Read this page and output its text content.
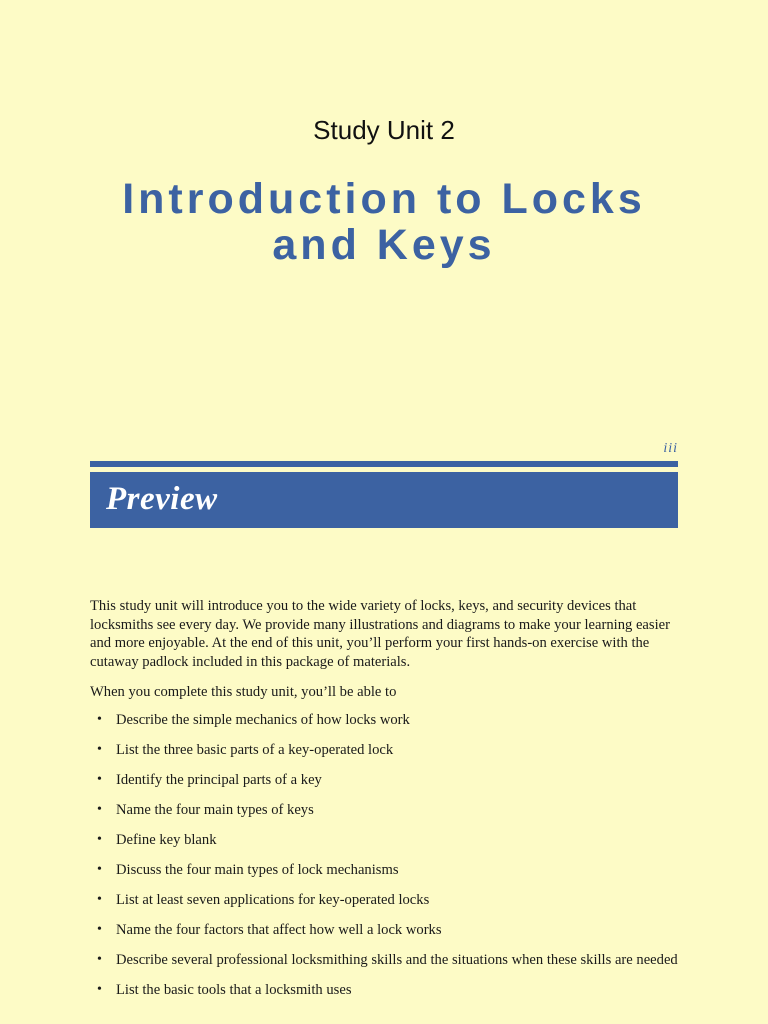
Study Unit 2
Introduction to Locks
and Keys
iii
Preview

This study unit will introduce you to the wide variety of locks, keys, and security devices that locksmiths see every day. We provide many illustrations and diagrams to make your learning easier and more enjoyable. At the end of this unit, you’ll perform your first hands-on exercise with the cutaway padlock included in this package of materials.

When you complete this study unit, you’ll be able to

• Describe the simple mechanics of how locks work
• List the three basic parts of a key-operated lock
• Identify the principal parts of a key
• Name the four main types of keys
• Define key blank
• Discuss the four main types of lock mechanisms
• List at least seven applications for key-operated locks
• Name the four factors that affect how well a lock works
• Describe several professional locksmithing skills and the situations when these skills are needed
• List the basic tools that a locksmith uses
